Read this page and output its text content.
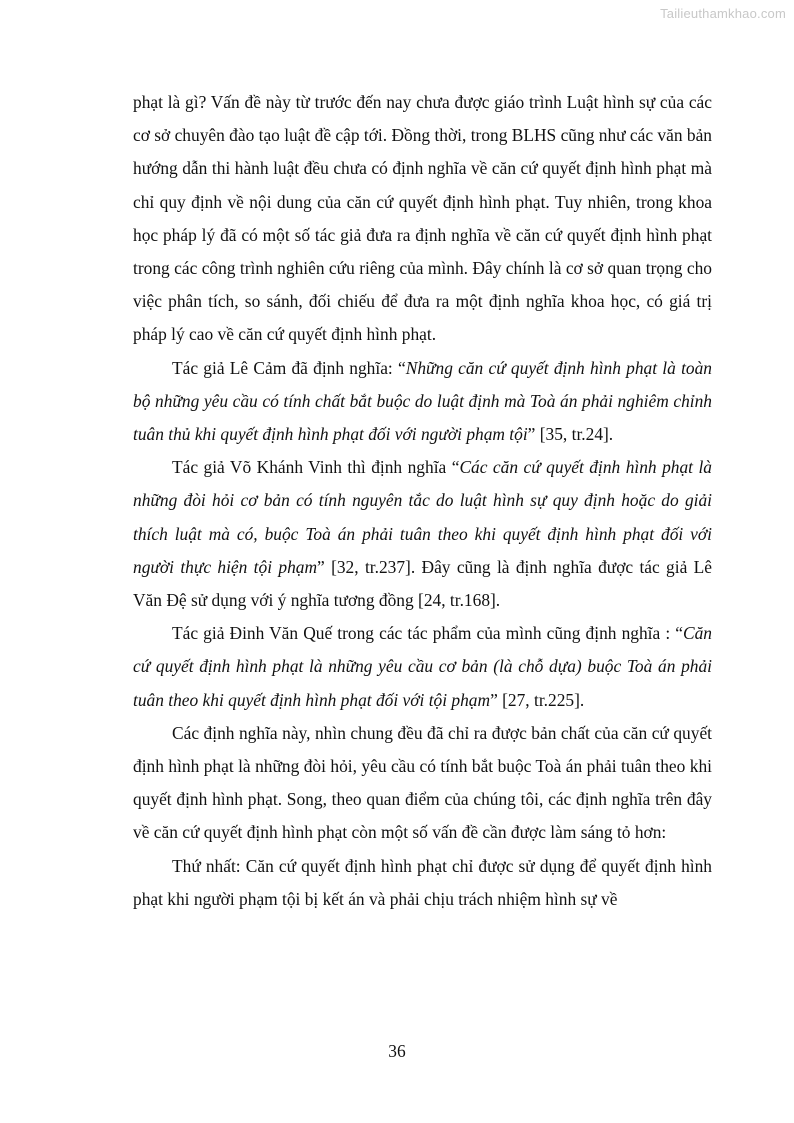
Tailieuthamkhao.com

phạt là gì? Vấn đề này từ trước đến nay chưa được giáo trình Luật hình sự của các cơ sở chuyên đào tạo luật đề cập tới. Đồng thời, trong BLHS cũng như các văn bản hướng dẫn thi hành luật đều chưa có định nghĩa về căn cứ quyết định hình phạt mà chỉ quy định về nội dung của căn cứ quyết định hình phạt. Tuy nhiên, trong khoa học pháp lý đã có một số tác giả đưa ra định nghĩa về căn cứ quyết định hình phạt trong các công trình nghiên cứu riêng của mình. Đây chính là cơ sở quan trọng cho việc phân tích, so sánh, đối chiếu để đưa ra một định nghĩa khoa học, có giá trị pháp lý cao về căn cứ quyết định hình phạt.

Tác giả Lê Cảm đã định nghĩa: “Những căn cứ quyết định hình phạt là toàn bộ những yêu cầu có tính chất bắt buộc do luật định mà Toà án phải nghiêm chỉnh tuân thủ khi quyết định hình phạt đối với người phạm tội” [35, tr.24].

Tác giả Võ Khánh Vinh thì định nghĩa “Các căn cứ quyết định hình phạt là những đòi hỏi cơ bản có tính nguyên tắc do luật hình sự quy định hoặc do giải thích luật mà có, buộc Toà án phải tuân theo khi quyết định hình phạt đối với người thực hiện tội phạm” [32, tr.237]. Đây cũng là định nghĩa được tác giả Lê Văn Đệ sử dụng với ý nghĩa tương đồng [24, tr.168].

Tác giả Đinh Văn Quế trong các tác phẩm của mình cũng định nghĩa : “Căn cứ quyết định hình phạt là những yêu cầu cơ bản (là chỗ dựa) buộc Toà án phải tuân theo khi quyết định hình phạt đối với tội phạm” [27, tr.225].

Các định nghĩa này, nhìn chung đều đã chỉ ra được bản chất của căn cứ quyết định hình phạt là những đòi hỏi, yêu cầu có tính bắt buộc Toà án phải tuân theo khi quyết định hình phạt. Song, theo quan điểm của chúng tôi, các định nghĩa trên đây về căn cứ quyết định hình phạt còn một số vấn đề cần được làm sáng tỏ hơn:

Thứ nhất: Căn cứ quyết định hình phạt chỉ được sử dụng để quyết định hình phạt khi người phạm tội bị kết án và phải chịu trách nhiệm hình sự về

36
